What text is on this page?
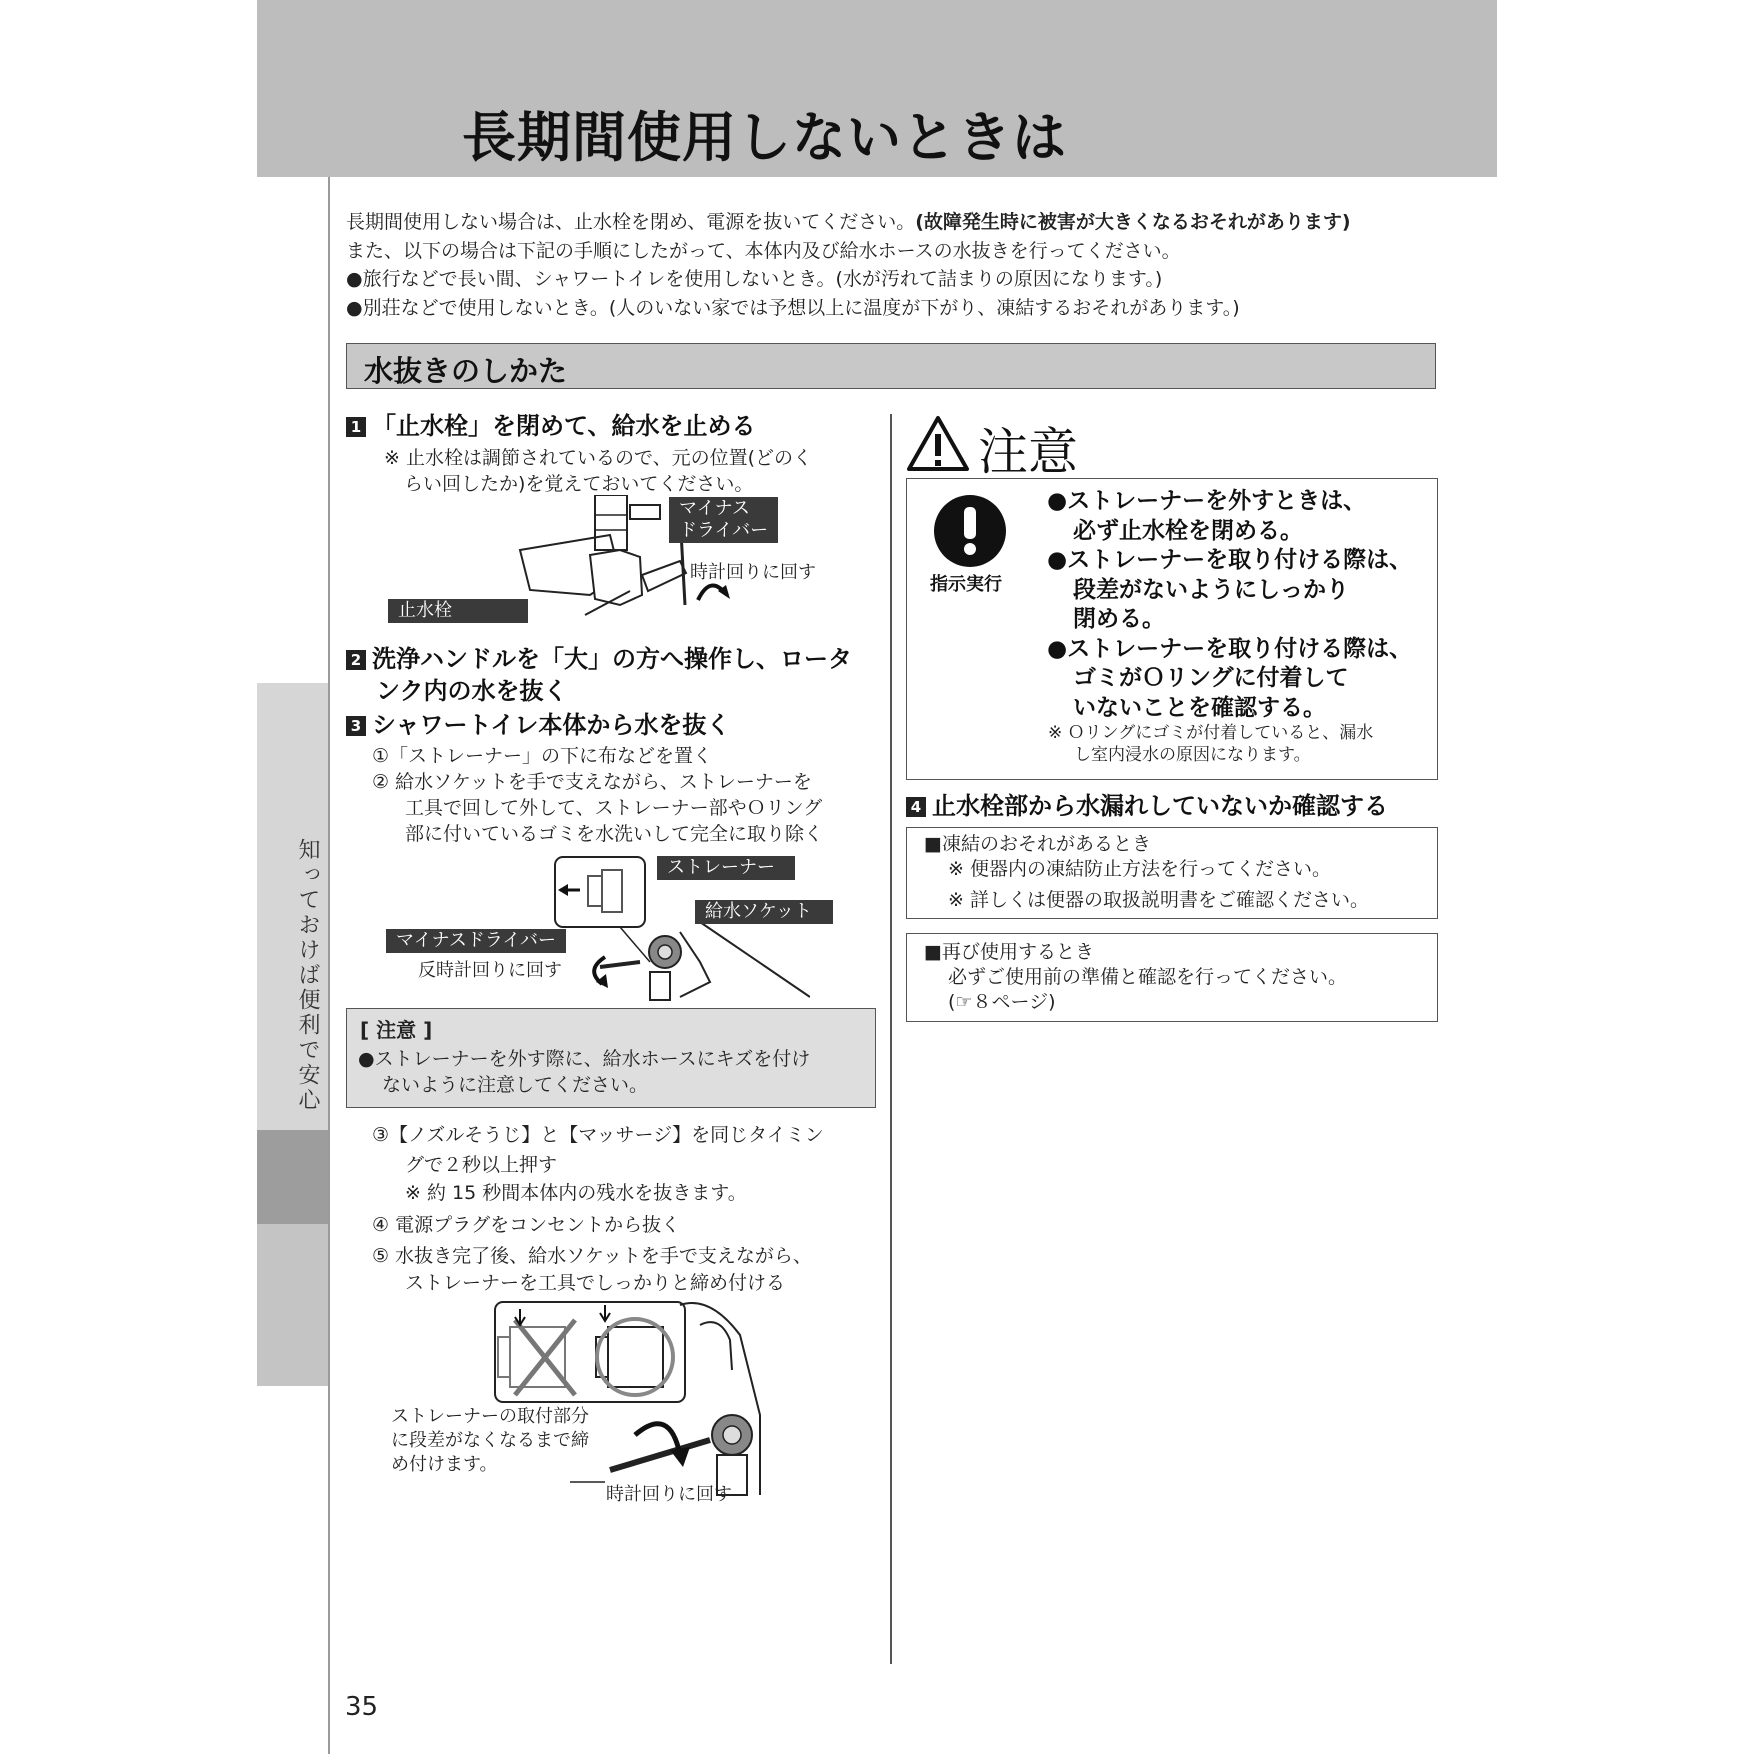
長期間使用しないときは
知っておけば便利で安心

長期間使用しない場合は、止水栓を閉め、電源を抜いてください。(故障発生時に被害が大きくなるおそれがあります)

また、以下の場合は下記の手順にしたがって、本体内及び給水ホースの水抜きを行ってください。

●旅行などで長い間、シャワートイレを使用しないとき。(水が汚れて詰まりの原因になります。)

●別荘などで使用しないとき。(人のいない家では予想以上に温度が下がり、凍結するおそれがあります。)

水抜きのしかた
1 「止水栓」を閉めて、給水を止める
※ 止水栓は調節されているので、元の位置(どのく
らい回したか)を覚えておいてください。
マイナス
ドライバー
時計回りに回す
止水栓
2 洗浄ハンドルを「大」の方へ操作し、ロータ
ンク内の水を抜く
3 シャワートイレ本体から水を抜く
①「ストレーナー」の下に布などを置く
② 給水ソケットを手で支えながら、ストレーナーを
工具で回して外して、ストレーナー部やＯリング
部に付いているゴミを水洗いして完全に取り除く
ストレーナー
給水ソケット
マイナスドライバー
反時計回りに回す
[ 注意 ]
●ストレーナーを外す際に、給水ホースにキズを付け
ないように注意してください。
③【ノズルそうじ】と【マッサージ】を同じタイミン
グで２秒以上押す
※ 約 15 秒間本体内の残水を抜きます。
④ 電源プラグをコンセントから抜く
⑤ 水抜き完了後、給水ソケットを手で支えながら、
ストレーナーを工具でしっかりと締め付ける
ストレーナーの取付部分
に段差がなくなるまで締
め付けます。
時計回りに回す
注意
指示実行
●ストレーナーを外すときは、
必ず止水栓を閉める。
●ストレーナーを取り付ける際は、
段差がないようにしっかり
閉める。
●ストレーナーを取り付ける際は、
ゴミがＯリングに付着して
いないことを確認する。
※ Ｏリングにゴミが付着していると、漏水
し室内浸水の原因になります。
4 止水栓部から水漏れしていないか確認する
■凍結のおそれがあるとき
※ 便器内の凍結防止方法を行ってください。
※ 詳しくは便器の取扱説明書をご確認ください。
■再び使用するとき
必ずご使用前の準備と確認を行ってください。
(☞８ページ)
35
